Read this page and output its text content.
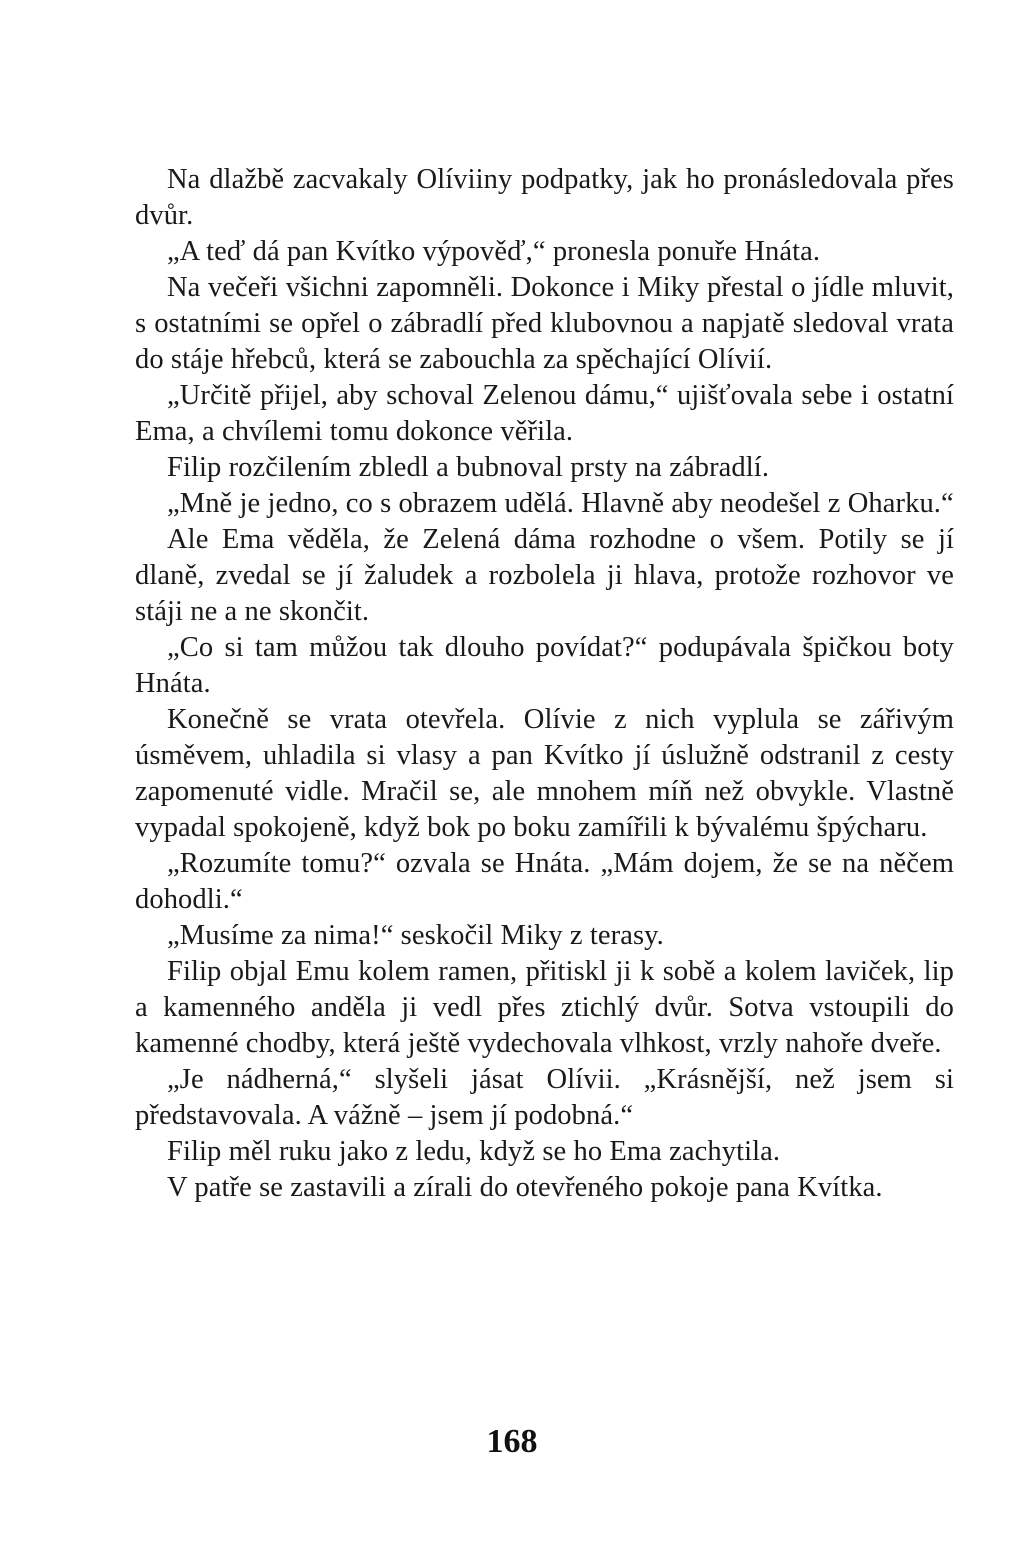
Na dlažbě zacvakaly Olíviiny podpatky, jak ho pronásledovala přes dvůr.

„A teď dá pan Kvítko výpověď,“ pronesla ponuře Hnáta.

Na večeři všichni zapomněli. Dokonce i Miky přestal o jídle mluvit, s ostatními se opřel o zábradlí před klubovnou a napjatě sledoval vrata do stáje hřebců, která se zabouchla za spěchající Olívií.

„Určitě přijel, aby schoval Zelenou dámu,“ ujišťovala sebe i ostatní Ema, a chvílemi tomu dokonce věřila.

Filip rozčilením zbledl a bubnoval prsty na zábradlí.

„Mně je jedno, co s obrazem udělá. Hlavně aby neodešel z Oharku.“

Ale Ema věděla, že Zelená dáma rozhodne o všem. Potily se jí dlaně, zvedal se jí žaludek a rozbolela ji hlava, protože rozhovor ve stáji ne a ne skončit.

„Co si tam můžou tak dlouho povídat?“ podupávala špičkou boty Hnáta.

Konečně se vrata otevřela. Olívie z nich vyplula se zářivým úsměvem, uhladila si vlasy a pan Kvítko jí úslužně odstranil z cesty zapomenuté vidle. Mračil se, ale mnohem míň než obvykle. Vlastně vypadal spokojeně, když bok po boku zamířili k bývalému špýcharu.

„Rozumíte tomu?“ ozvala se Hnáta. „Mám dojem, že se na něčem dohodli.“

„Musíme za nima!“ seskočil Miky z terasy.

Filip objal Emu kolem ramen, přitiskl ji k sobě a kolem laviček, lip a kamenného anděla ji vedl přes ztichlý dvůr. Sotva vstoupili do kamenné chodby, která ještě vydechovala vlhkost, vrzly nahoře dveře.

„Je nádherná,“ slyšeli jásat Olívii. „Krásnější, než jsem si představovala. A vážně – jsem jí podobná.“

Filip měl ruku jako z ledu, když se ho Ema zachytila.

V patře se zastavili a zírali do otevřeného pokoje pana Kvítka.

168
